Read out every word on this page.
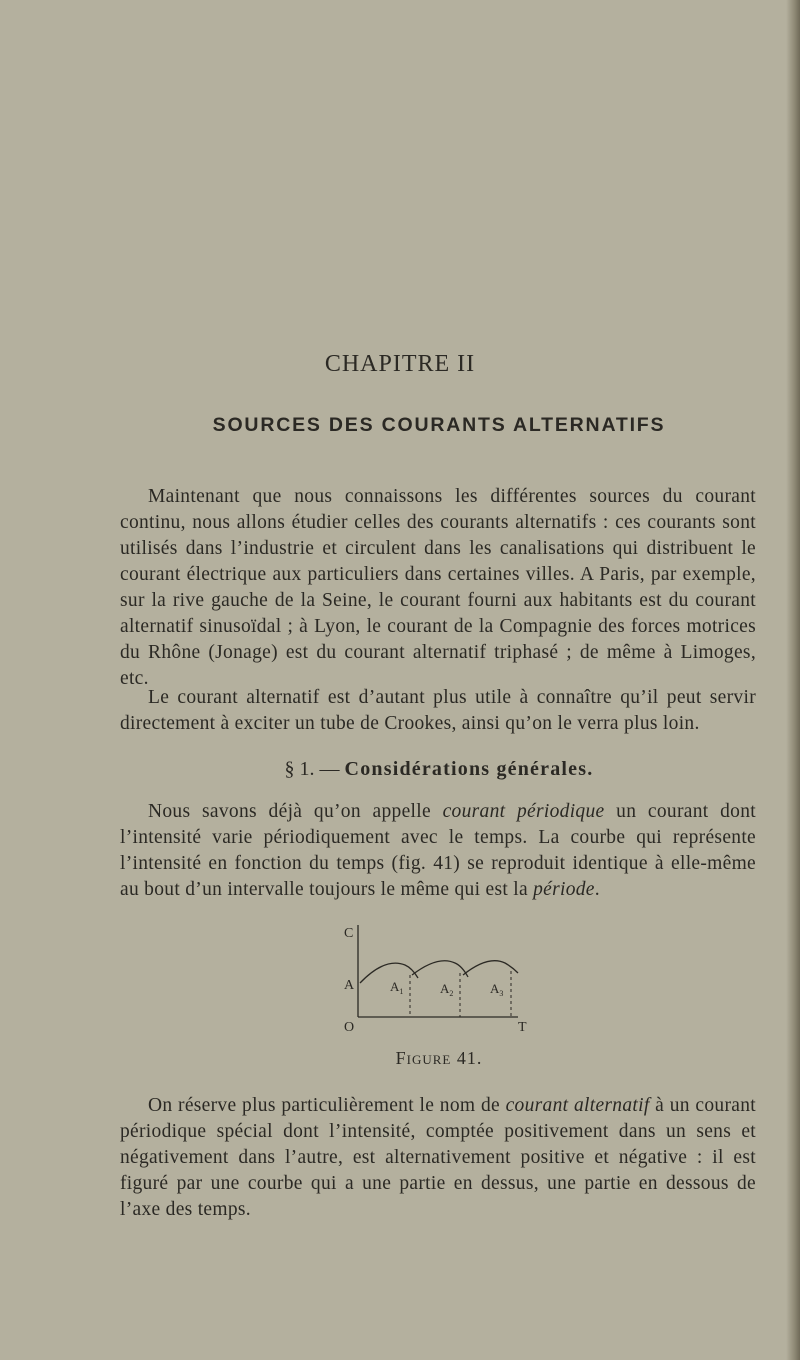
CHAPITRE II
SOURCES DES COURANTS ALTERNATIFS

Maintenant que nous connaissons les différentes sources du courant continu, nous allons étudier celles des courants alternatifs : ces courants sont utilisés dans l’industrie et circulent dans les canalisations qui distribuent le courant électrique aux particuliers dans certaines villes. A Paris, par exemple, sur la rive gauche de la Seine, le courant fourni aux habitants est du courant alternatif sinusoïdal ; à Lyon, le courant de la Compagnie des forces motrices du Rhône (Jonage) est du courant alternatif triphasé ; de même à Limoges, etc.

Le courant alternatif est d’autant plus utile à connaître qu’il peut servir directement à exciter un tube de Crookes, ainsi qu’on le verra plus loin.

§ 1. — Considérations générales.

Nous savons déjà qu’on appelle courant périodique un courant dont l’intensité varie périodiquement avec le temps. La courbe qui représente l’intensité en fonction du temps (fig. 41) se reproduit identique à elle-même au bout d’un intervalle toujours le même qui est la période.

C
A
O	T
$A_1$	$A_2$	$A_3$
Figure 41.

On réserve plus particulièrement le nom de courant alternatif à un courant périodique spécial dont l’intensité, comptée positivement dans un sens et négativement dans l’autre, est alternativement positive et négative : il est figuré par une courbe qui a une partie en dessus, une partie en dessous de l’axe des temps.
